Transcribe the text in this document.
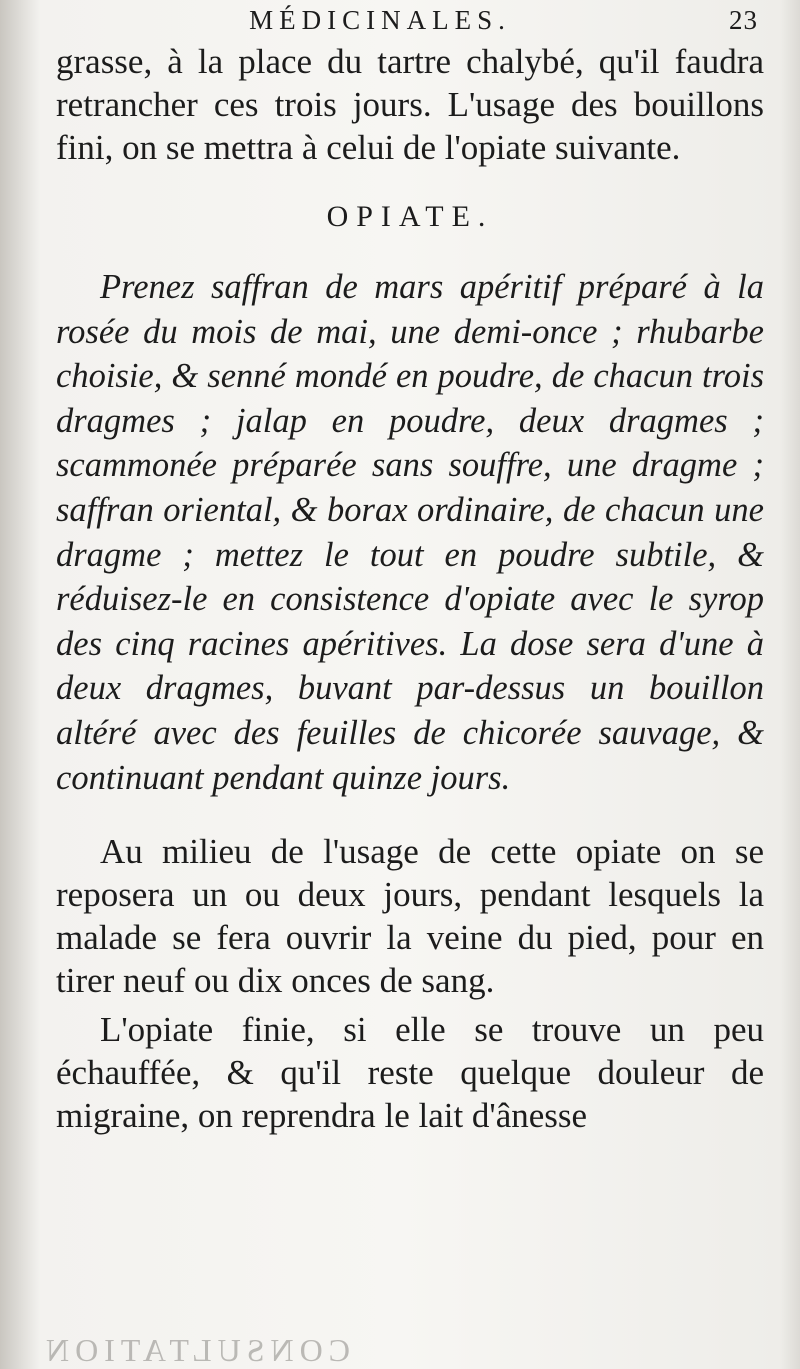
MÉDICINALES.	23

grasse, à la place du tartre chalybé, qu'il faudra retrancher ces trois jours. L'usage des bouillons fini, on se mettra à celui de l'opiate suivante.

OPIATE.

Prenez saffran de mars apéritif préparé à la rosée du mois de mai, une demi-once ; rhubarbe choisie, & senné mondé en poudre, de chacun trois dragmes ; jalap en poudre, deux dragmes ; scammonée préparée sans souffre, une dragme ; saffran oriental, & borax ordinaire, de chacun une dragme ; mettez le tout en poudre subtile, & réduisez-le en consistence d'opiate avec le syrop des cinq racines apéritives. La dose sera d'une à deux dragmes, buvant par-dessus un bouillon altéré avec des feuilles de chicorée sauvage, & continuant pendant quinze jours.

Au milieu de l'usage de cette opiate on se reposera un ou deux jours, pendant lesquels la malade se fera ouvrir la veine du pied, pour en tirer neuf ou dix onces de sang.

L'opiate finie, si elle se trouve un peu échauffée, & qu'il reste quelque douleur de migraine, on reprendra le lait d'ânesse

CONSULTATION
